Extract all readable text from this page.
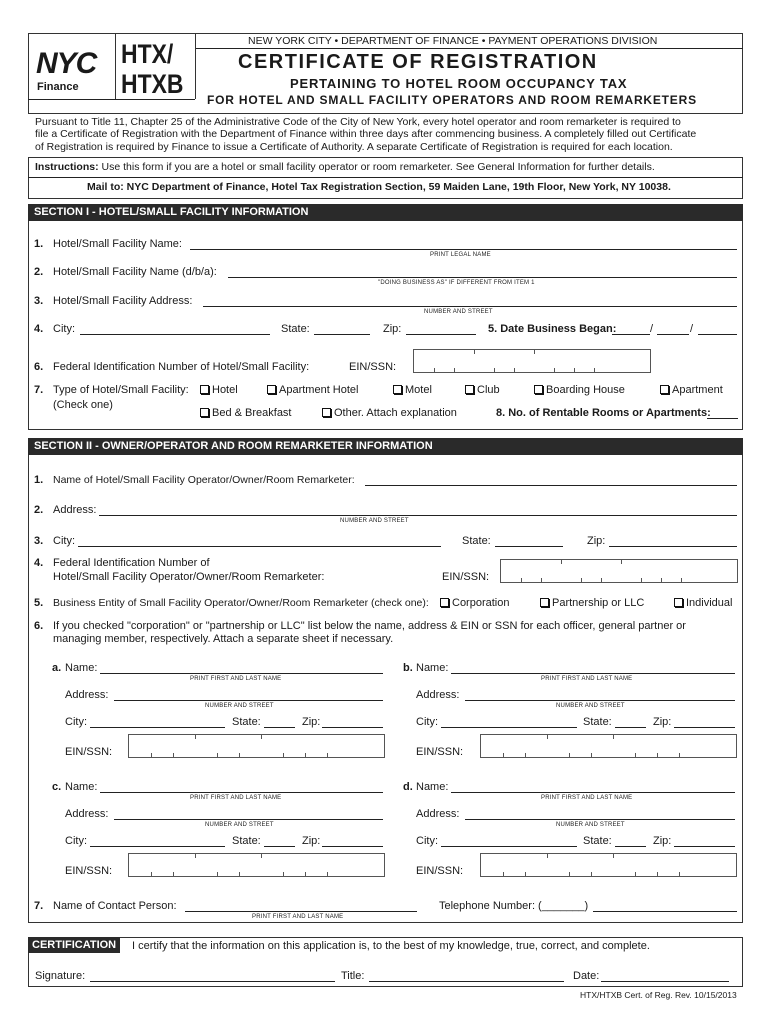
NEW YORK CITY • DEPARTMENT OF FINANCE • PAYMENT OPERATIONS DIVISION
NYC
Finance
HTX/
HTXB
CERTIFICATE OF REGISTRATION
PERTAINING TO HOTEL ROOM OCCUPANCY TAX
FOR HOTEL AND SMALL FACILITY OPERATORS AND ROOM REMARKETERS
Pursuant to Title 11, Chapter 25 of the Administrative Code of the City of New York, every hotel operator and room remarketer is required to
file a Certificate of Registration with the Department of Finance within three days after commencing business. A completely filled out Certificate
of Registration is required by Finance to issue a Certificate of Authority. A separate Certificate of Registration is required for each location.
Instructions: Use this form if you are a hotel or small facility operator or room remarketer. See General Information for further details.
Mail to: NYC Department of Finance, Hotel Tax Registration Section, 59 Maiden Lane, 19th Floor, New York, NY 10038.
SECTION I - HOTEL/SMALL FACILITY INFORMATION
1. Hotel/Small Facility Name:
PRINT LEGAL NAME
2. Hotel/Small Facility Name (d/b/a):
"DOING BUSINESS AS" IF DIFFERENT FROM ITEM 1
3. Hotel/Small Facility Address:
NUMBER AND STREET
4. City:	State:	Zip:	5. Date Business Began:	/	/
6. Federal Identification Number of Hotel/Small Facility:	EIN/SSN:
7. Type of Hotel/Small Facility:
(Check one)
Hotel	Apartment Hotel	Motel	Club	Boarding House	Apartment
Bed & Breakfast	Other. Attach explanation	8. No. of Rentable Rooms or Apartments:
SECTION II - OWNER/OPERATOR AND ROOM REMARKETER INFORMATION
1. Name of Hotel/Small Facility Operator/Owner/Room Remarketer:
2. Address:
NUMBER AND STREET
3. City:	State:	Zip:
4. Federal Identification Number of
Hotel/Small Facility Operator/Owner/Room Remarketer:	EIN/SSN:
5. Business Entity of Small Facility Operator/Owner/Room Remarketer (check one):	Corporation	Partnership or LLC	Individual
6. If you checked "corporation" or "partnership or LLC" list below the name, address & EIN or SSN for each officer, general partner or
managing member, respectively. Attach a separate sheet if necessary.
a. Name:
PRINT FIRST AND LAST NAME
Address:
NUMBER AND STREET
City:	State:	Zip:
EIN/SSN:
b. Name:
PRINT FIRST AND LAST NAME
Address:
NUMBER AND STREET
City:	State:	Zip:
EIN/SSN:
c. Name:
PRINT FIRST AND LAST NAME
Address:
NUMBER AND STREET
City:	State:	Zip:
EIN/SSN:
d. Name:
PRINT FIRST AND LAST NAME
Address:
NUMBER AND STREET
City:	State:	Zip:
EIN/SSN:
7. Name of Contact Person:
PRINT FIRST AND LAST NAME
Telephone Number: (_______)
CERTIFICATION	I certify that the information on this application is, to the best of my knowledge, true, correct, and complete.
Signature:	Title:	Date:
HTX/HTXB Cert. of Reg. Rev. 10/15/2013
